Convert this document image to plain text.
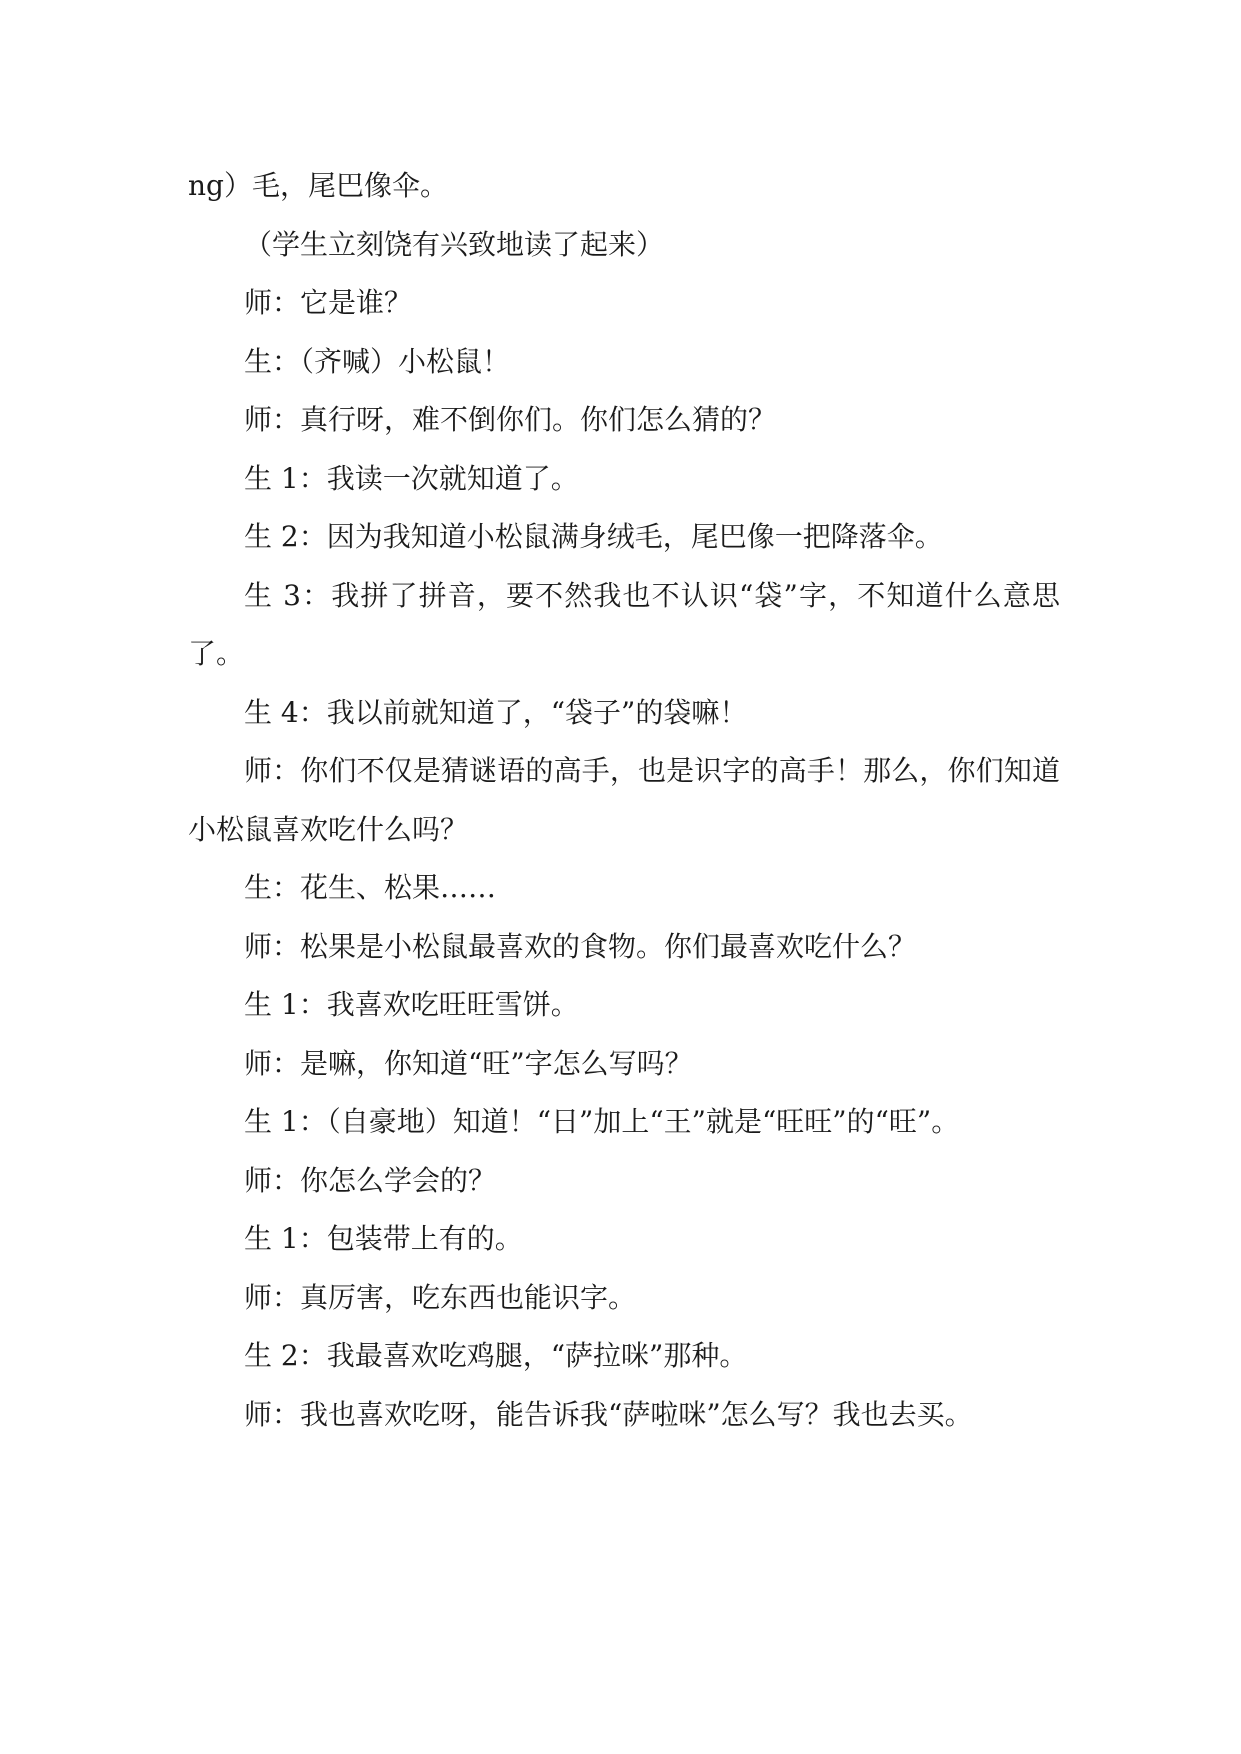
ng）毛，尾巴像伞。

（学生立刻饶有兴致地读了起来）

师：它是谁？

生：（齐喊）小松鼠！

师：真行呀，难不倒你们。你们怎么猜的？

生 1：我读一次就知道了。

生 2：因为我知道小松鼠满身绒毛，尾巴像一把降落伞。

生 3：我拼了拼音，要不然我也不认识“袋”字，不知道什么意思了。

生 4：我以前就知道了，“袋子”的袋嘛！

师：你们不仅是猜谜语的高手，也是识字的高手！那么，你们知道小松鼠喜欢吃什么吗？

生：花生、松果……

师：松果是小松鼠最喜欢的食物。你们最喜欢吃什么？

生 1：我喜欢吃旺旺雪饼。

师：是嘛，你知道“旺”字怎么写吗？

生 1：（自豪地）知道！“日”加上“王”就是“旺旺”的“旺”。

师：你怎么学会的？

生 1：包装带上有的。

师：真厉害，吃东西也能识字。

生 2：我最喜欢吃鸡腿，“萨拉咪”那种。

师：我也喜欢吃呀，能告诉我“萨啦咪”怎么写？我也去买。
